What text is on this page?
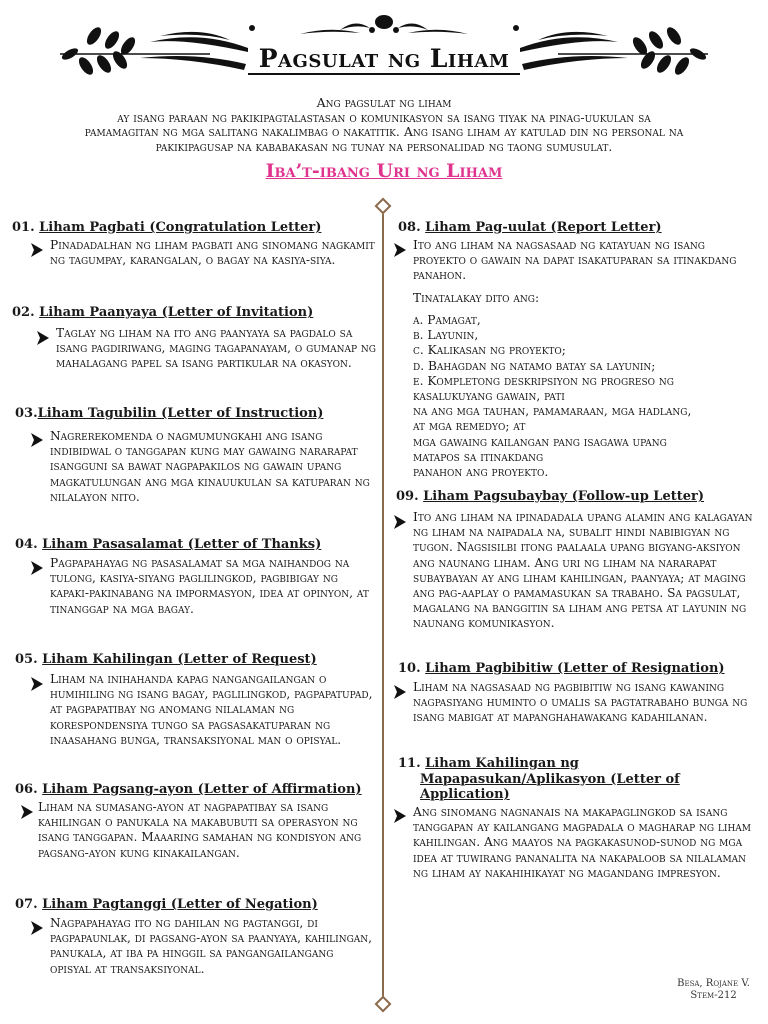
Pagsulat ng Liham
Ang pagsulat ng liham
ay isang paraan ng pakikipagtalastasan o komunikasyon sa isang tiyak na pinag-uukulan sa
pamamagitan ng mga salitang nakalimbag o nakatitik. Ang isang liham ay katulad din ng personal na
pakikipagusap na kababakasan ng tunay na personalidad ng taong sumusulat.
Iba’t-ibang Uri ng Liham
01. Liham Pagbati (Congratulation Letter)
Pinadadalhan ng liham pagbati ang sinomang nagkamit ng tagumpay, karangalan, o bagay na kasiya-siya.
02. Liham Paanyaya (Letter of Invitation)
Taglay ng liham na ito ang paanyaya sa pagdalo sa isang pagdiriwang, maging tagapanayam, o gumanap ng mahalagang papel sa isang partikular na okasyon.
03.Liham Tagubilin (Letter of Instruction)
Nagrerekomenda o nagmumungkahi ang isang indibidwal o tanggapan kung may gawaing nararapat isangguni sa bawat nagpapakilos ng gawain upang magkatulungan ang mga kinauukulan sa katuparan ng nilalayon nito.
04. Liham Pasasalamat (Letter of Thanks)
Pagpapahayag ng pasasalamat sa mga naihandog na tulong, kasiya-siyang paglilingkod, pagbibigay ng kapaki-pakinabang na impormasyon, idea at opinyon, at tinanggap na mga bagay.
05. Liham Kahilingan (Letter of Request)
Liham na inihahanda kapag nangangailangan o humihiling ng isang bagay, paglilingkod, pagpapatupad, at pagpapatibay ng anomang nilalaman ng korespondensiya tungo sa pagsasakatuparan ng inaasahang bunga, transaksiyonal man o opisyal.
06. Liham Pagsang-ayon (Letter of Affirmation)
Liham na sumasang-ayon at nagpapatibay sa isang kahilingan o panukala na makabubuti sa operasyon ng isang tanggapan. Maaaring samahan ng kondisyon ang pagsang-ayon kung kinakailangan.
07. Liham Pagtanggi (Letter of Negation)
Nagpapahayag ito ng dahilan ng pagtanggi, di pagpapaunlak, di pagsang-ayon sa paanyaya, kahilingan, panukala, at iba pa hinggil sa pangangailangang opisyal at transaksiyonal.
08. Liham Pag-uulat (Report Letter)
Ito ang liham na nagsasaad ng katayuan ng isang proyekto o gawain na dapat isakatuparan sa itinakdang panahon.
Tinatalakay dito ang:
a. Pamagat,
b. Layunin,
c. Kalikasan ng proyekto;
d. Bahagdan ng natamo batay sa layunin;
e. Kompletong deskripsiyon ng progreso ng
kasalukuyang gawain, pati
na ang mga tauhan, pamamaraan, mga hadlang,
at mga remedyo; at
mga gawaing kailangan pang isagawa upang
matapos sa itinakdang
panahon ang proyekto.
09. Liham Pagsubaybay (Follow-up Letter)
Ito ang liham na ipinadadala upang alamin ang kalagayan ng liham na naipadala na, subalit hindi nabibigyan ng tugon. Nagsisilbi itong paalaala upang bigyang-aksiyon ang naunang liham. Ang uri ng liham na nararapat subaybayan ay ang liham kahilingan, paanyaya; at maging ang pag-aaplay o pamamasukan sa trabaho. Sa pagsulat, magalang na banggitin sa liham ang petsa at layunin ng naunang komunikasyon.
10. Liham Pagbibitiw (Letter of Resignation)
Liham na nagsasaad ng pagbibitiw ng isang kawaning nagpasiyang huminto o umalis sa pagtatrabaho bunga ng isang mabigat at mapanghahawakang kadahilanan.
11. Liham Kahilingan ng
Mapapasukan/Aplikasyon (Letter of
Application)
Ang sinomang nagnanais na makapaglingkod sa isang tanggapan ay kailangang magpadala o magharap ng liham kahilingan. Ang maayos na pagkakasunod-sunod ng mga idea at tuwirang pananalita na nakapaloob sa nilalaman ng liham ay nakahihikayat ng magandang impresyon.
Besa, Rojane V.
Stem-212
